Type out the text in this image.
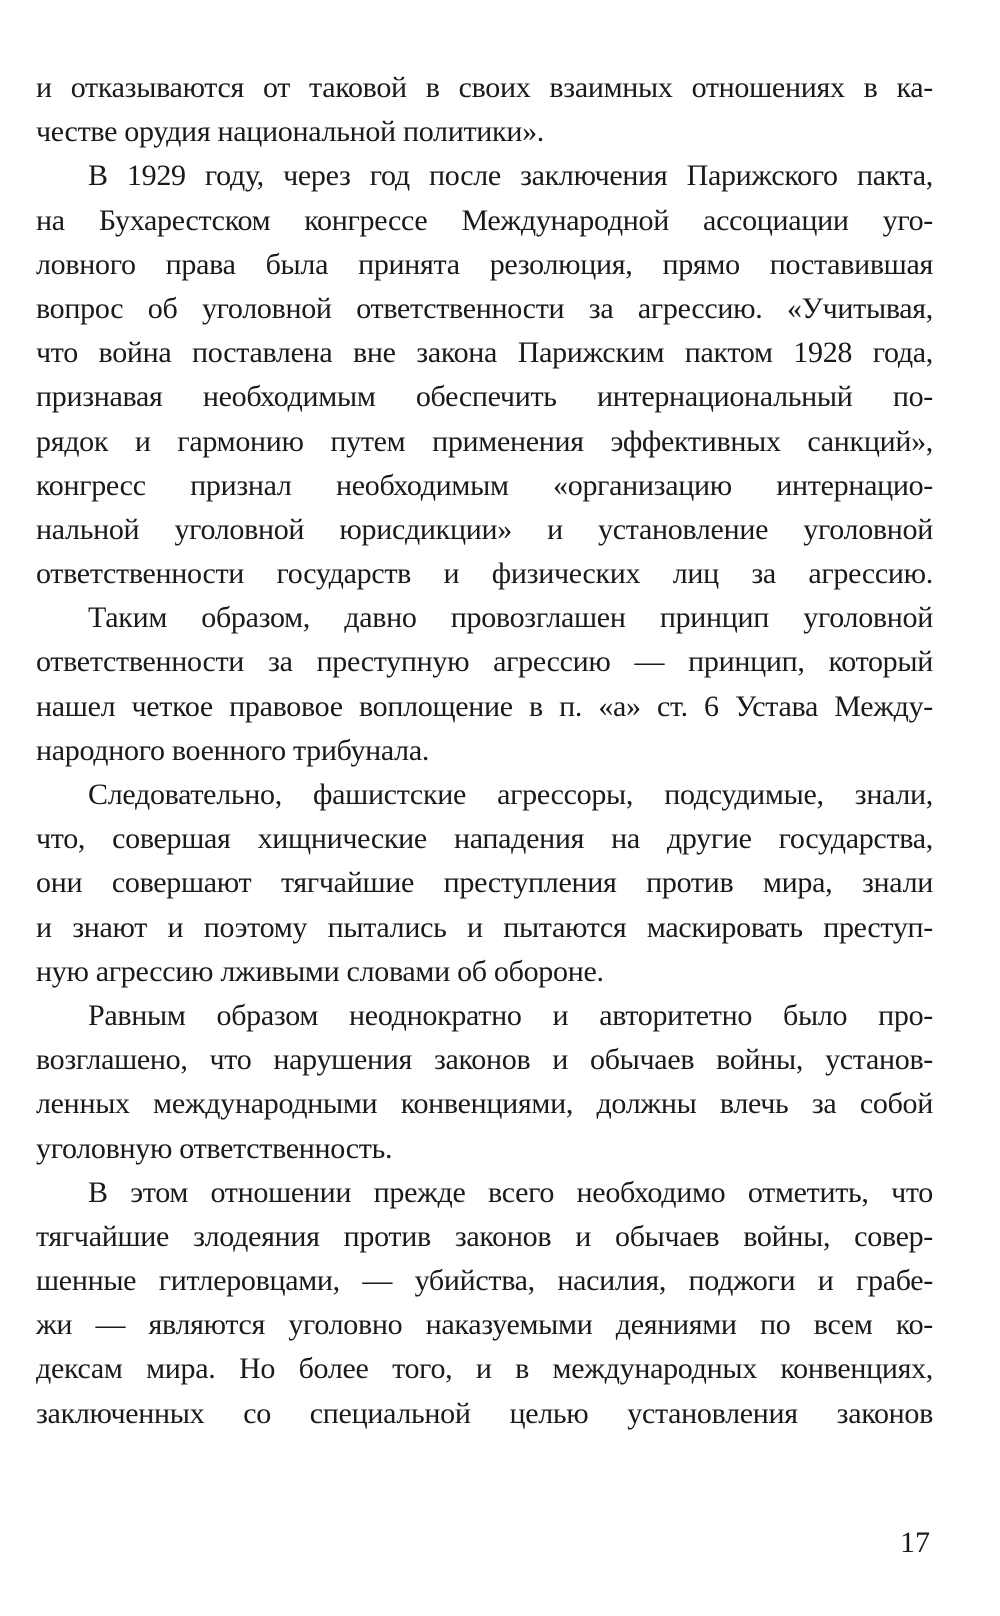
и отказываются от таковой в своих взаимных отношениях в ка-
честве орудия национальной политики».
В 1929 году, через год после заключения Парижского пакта,
на Бухарестском конгрессе Международной ассоциации уго-
ловного права была принята резолюция, прямо поставившая
вопрос об уголовной ответственности за агрессию. «Учитывая,
что война поставлена вне закона Парижским пактом 1928 года,
признавая необходимым обеспечить интернациональный по-
рядок и гармонию путем применения эффективных санкций»,
конгресс признал необходимым «организацию интернацио-
нальной уголовной юрисдикции» и установление уголовной
ответственности государств и физических лиц за агрессию.
Таким образом, давно провозглашен принцип уголовной
ответственности за преступную агрессию — принцип, который
нашел четкое правовое воплощение в п. «а» ст. 6 Устава Между-
народного военного трибунала.
Следовательно, фашистские агрессоры, подсудимые, знали,
что, совершая хищнические нападения на другие государства,
они совершают тягчайшие преступления против мира, знали
и знают и поэтому пытались и пытаются маскировать преступ-
ную агрессию лживыми словами об обороне.
Равным образом неоднократно и авторитетно было про-
возглашено, что нарушения законов и обычаев войны, установ-
ленных международными конвенциями, должны влечь за собой
уголовную ответственность.
В этом отношении прежде всего необходимо отметить, что
тягчайшие злодеяния против законов и обычаев войны, совер-
шенные гитлеровцами, — убийства, насилия, поджоги и грабе-
жи — являются уголовно наказуемыми деяниями по всем ко-
дексам мира. Но более того, и в международных конвенциях,
заключенных со специальной целью установления законов
17
